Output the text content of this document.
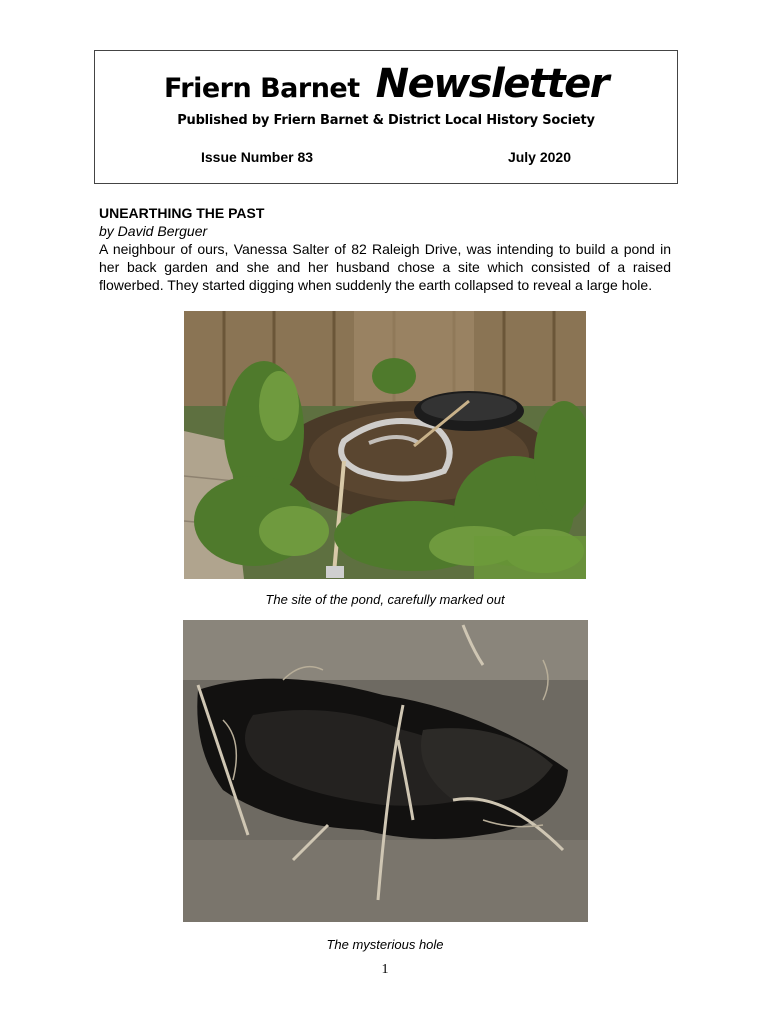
Friern Barnet Newsletter
Published by Friern Barnet & District Local History Society
Issue Number 83	July 2020
UNEARTHING THE PAST
by David Berguer
A neighbour of ours, Vanessa Salter of 82 Raleigh Drive, was intending to build a pond in her back garden and she and her husband chose a site which consisted of a raised flowerbed. They started digging when suddenly the earth collapsed to reveal a large hole.
The site of the pond, carefully marked out
The mysterious hole
1
